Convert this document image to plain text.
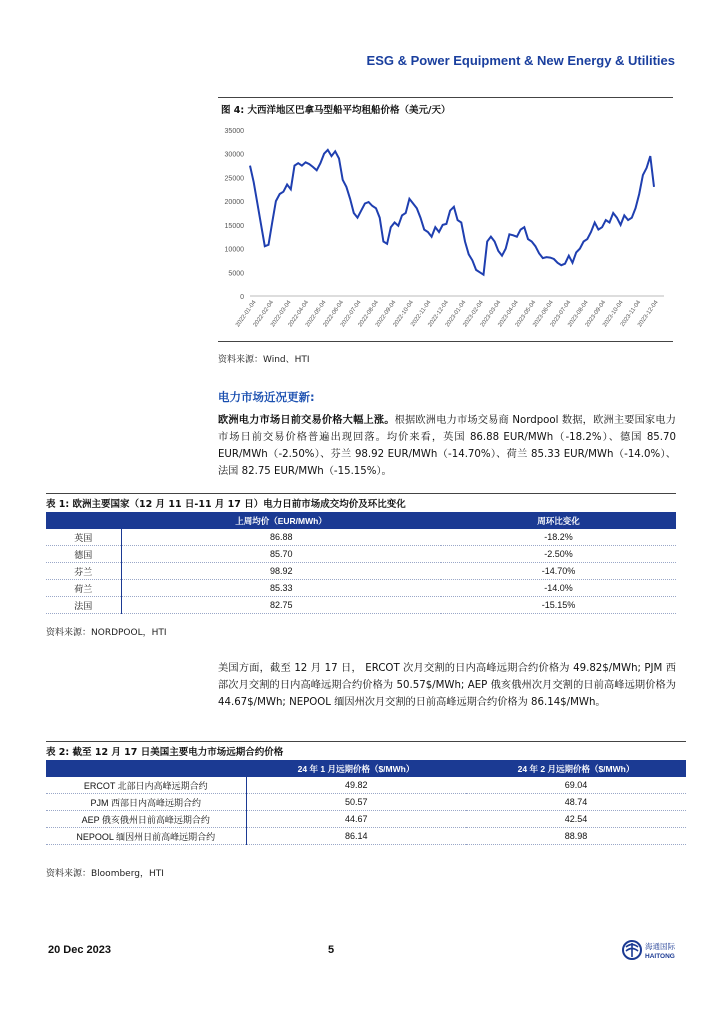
ESG & Power Equipment & New Energy & Utilities
图 4: 大西洋地区巴拿马型船平均租船价格（美元/天）
0
5000
10000
15000
20000
25000
30000
35000
2022-01-04
2022-02-04
2022-03-04
2022-04-04
2022-05-04
2022-06-04
2022-07-04
2022-08-04
2022-09-04
2022-10-04
2022-11-04
2022-12-04
2023-01-04
2023-02-04
2023-03-04
2023-04-04
2023-05-04
2023-06-04
2023-07-04
2023-08-04
2023-09-04
2023-10-04
2023-11-04
2023-12-04
资料来源：Wind、HTI
电力市场近况更新:
欧洲电力市场日前交易价格大幅上涨。根据欧洲电力市场交易商 Nordpool 数据，欧洲主要国家电力市场日前交易价格普遍出现回落。均价来看，英国 86.88 EUR/MWh（-18.2%）、德国 85.70 EUR/MWh（-2.50%）、芬兰 98.92 EUR/MWh（-14.70%）、荷兰 85.33 EUR/MWh（-14.0%）、法国 82.75 EUR/MWh（-15.15%）。
表 1: 欧洲主要国家（12 月 11 日-11 月 17 日）电力日前市场成交均价及环比变化
	上周均价（EUR/MWh）	周环比变化
英国	86.88	-18.2%
德国	85.70	-2.50%
芬兰	98.92	-14.70%
荷兰	85.33	-14.0%
法国	82.75	-15.15%
资料来源：NORDPOOL，HTI
美国方面，截至 12 月 17 日， ERCOT 次月交割的日内高峰远期合约价格为 49.82$/MWh; PJM 西部次月交割的日内高峰远期合约价格为 50.57$/MWh; AEP 俄亥俄州次月交割的日前高峰远期价格为 44.67$/MWh; NEPOOL 缅因州次月交割的日前高峰远期合约价格为 86.14$/MWh。
表 2: 截至 12 月 17 日美国主要电力市场远期合约价格
	24 年 1 月远期价格（$/MWh）	24 年 2 月远期价格（$/MWh）
ERCOT 北部日内高峰远期合约	49.82	69.04
PJM 西部日内高峰远期合约	50.57	48.74
AEP 俄亥俄州日前高峰远期合约	44.67	42.54
NEPOOL 缅因州日前高峰远期合约	86.14	88.98
资料来源：Bloomberg，HTI
20 Dec 2023	5	海通国际
HAITONG
